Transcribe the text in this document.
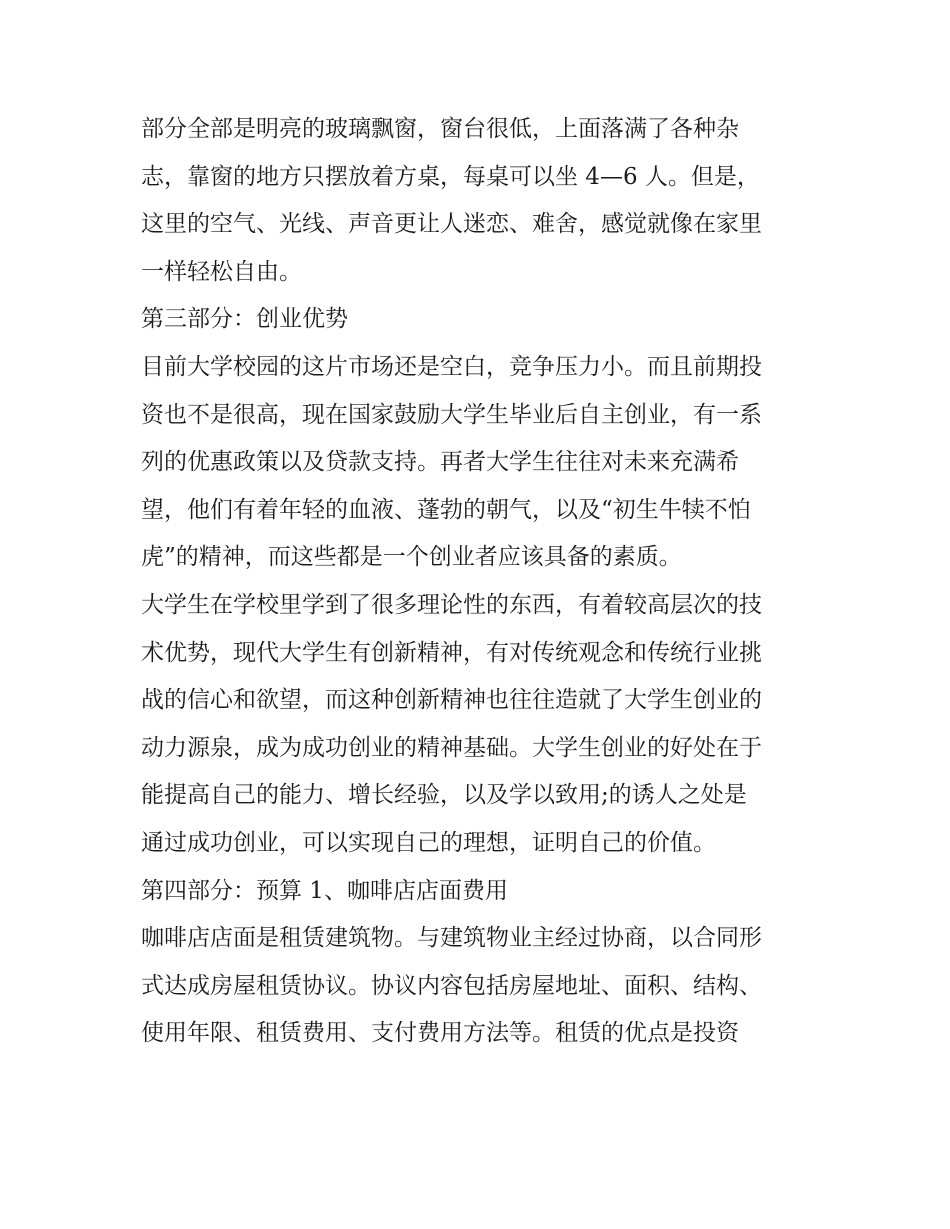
部分全部是明亮的玻璃飘窗，窗台很低，上面落满了各种杂
志，靠窗的地方只摆放着方桌，每桌可以坐 4—6 人。但是，
这里的空气、光线、声音更让人迷恋、难舍，感觉就像在家里
一样轻松自由。
第三部分：创业优势
目前大学校园的这片市场还是空白，竞争压力小。而且前期投
资也不是很高，现在国家鼓励大学生毕业后自主创业，有一系
列的优惠政策以及贷款支持。再者大学生往往对未来充满希
望，他们有着年轻的血液、蓬勃的朝气，以及“初生牛犊不怕
虎”的精神，而这些都是一个创业者应该具备的素质。
大学生在学校里学到了很多理论性的东西，有着较高层次的技
术优势，现代大学生有创新精神，有对传统观念和传统行业挑
战的信心和欲望，而这种创新精神也往往造就了大学生创业的
动力源泉，成为成功创业的精神基础。大学生创业的好处在于
能提高自己的能力、增长经验，以及学以致用;的诱人之处是
通过成功创业，可以实现自己的理想，证明自己的价值。
第四部分：预算 1、咖啡店店面费用
咖啡店店面是租赁建筑物。与建筑物业主经过协商，以合同形
式达成房屋租赁协议。协议内容包括房屋地址、面积、结构、
使用年限、租赁费用、支付费用方法等。租赁的优点是投资
